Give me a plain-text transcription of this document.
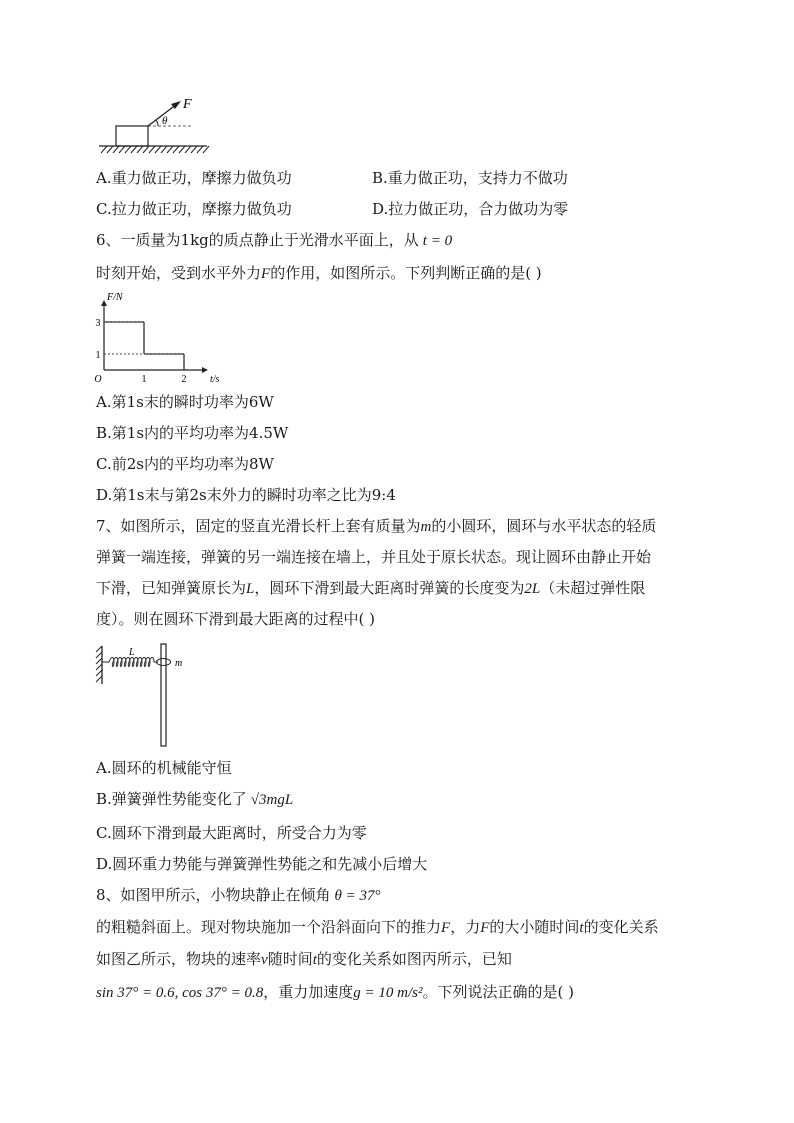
F
θ
A.重力做正功，摩擦力做负功	B.重力做正功，支持力不做功
C.拉力做正功，摩擦力做负功	D.拉力做正功，合力做功为零
6、一质量为1kg的质点静止于光滑水平面上，从 t = 0
时刻开始，受到水平外力F的作用，如图所示。下列判断正确的是( )
F/N
t/s
O	1	2
1
3
A.第1s末的瞬时功率为6W
B.第1s内的平均功率为4.5W
C.前2s内的平均功率为8W
D.第1s末与第2s末外力的瞬时功率之比为9:4
7、如图所示，固定的竖直光滑长杆上套有质量为m的小圆环，圆环与水平状态的轻质
弹簧一端连接，弹簧的另一端连接在墙上，并且处于原长状态。现让圆环由静止开始
下滑，已知弹簧原长为L，圆环下滑到最大距离时弹簧的长度变为2L（未超过弹性限
度）。则在圆环下滑到最大距离的过程中( )
L
m
A.圆环的机械能守恒
B.弹簧弹性势能变化了 √3mgL
C.圆环下滑到最大距离时，所受合力为零
D.圆环重力势能与弹簧弹性势能之和先减小后增大
8、如图甲所示，小物块静止在倾角 θ = 37°
的粗糙斜面上。现对物块施加一个沿斜面向下的推力F，力F的大小随时间t的变化关系
如图乙所示，物块的速率v随时间t的变化关系如图丙所示，已知
sin 37° = 0.6, cos 37° = 0.8，重力加速度g = 10 m/s²。下列说法正确的是( )
